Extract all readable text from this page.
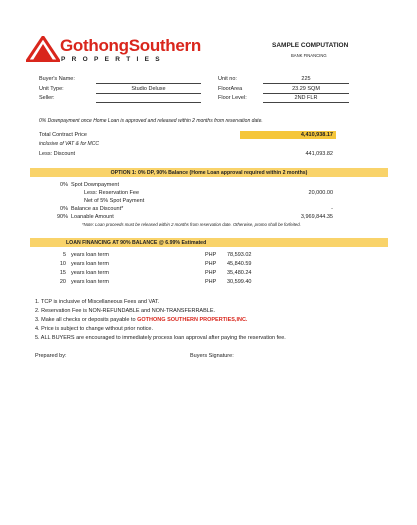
GothongSouthern
PROPERTIES
SAMPLE COMPUTATION
BANK FINANCING
Buyer's Name:
Unit Type:	Studio Deluxe
Seller:
Unit no:	225
FloorArea	23.29 SQM
Floor Level:	2ND FLR
0% Downpayment once Home Loan is approved and released within 2 months from reservation date.
Total Contract Price	4,410,938.17
inclusive of VAT & for MCC
Less: Discount	441,093.82
OPTION 1: 0% DP, 90% Balance (Home Loan approval required within 2 months)
0% Spot Downpayment
Less: Reservation Fee	20,000.00
Net of 5% Spot Payment
0% Balance as Discount*	-
90% Loanable Amount	3,969,844.35
*Note: Loan proceeds must be released within 2 months from reservation date. Otherwise, promo shall be forfeited.
LOAN FINANCING AT 90% BALANCE @ 6.99% Estimated
5 years loan term	PHP 78,593.02
10 years loan term	PHP 45,840.59
15 years loan term	PHP 35,480.24
20 years loan term	PHP 30,599.40
1. TCP is inclusive of Miscellaneous Fees and VAT.
2. Reservation Fee is NON-REFUNDABLE and NON-TRANSFERRABLE.
3. Make all checks or deposits payable to GOTHONG SOUTHERN PROPERTIES,INC.
4. Price is subject to change without prior notice.
5. ALL BUYERS are encouraged to immediately process loan approval after paying the reservation fee.
Prepared by:	Buyers Signature:
